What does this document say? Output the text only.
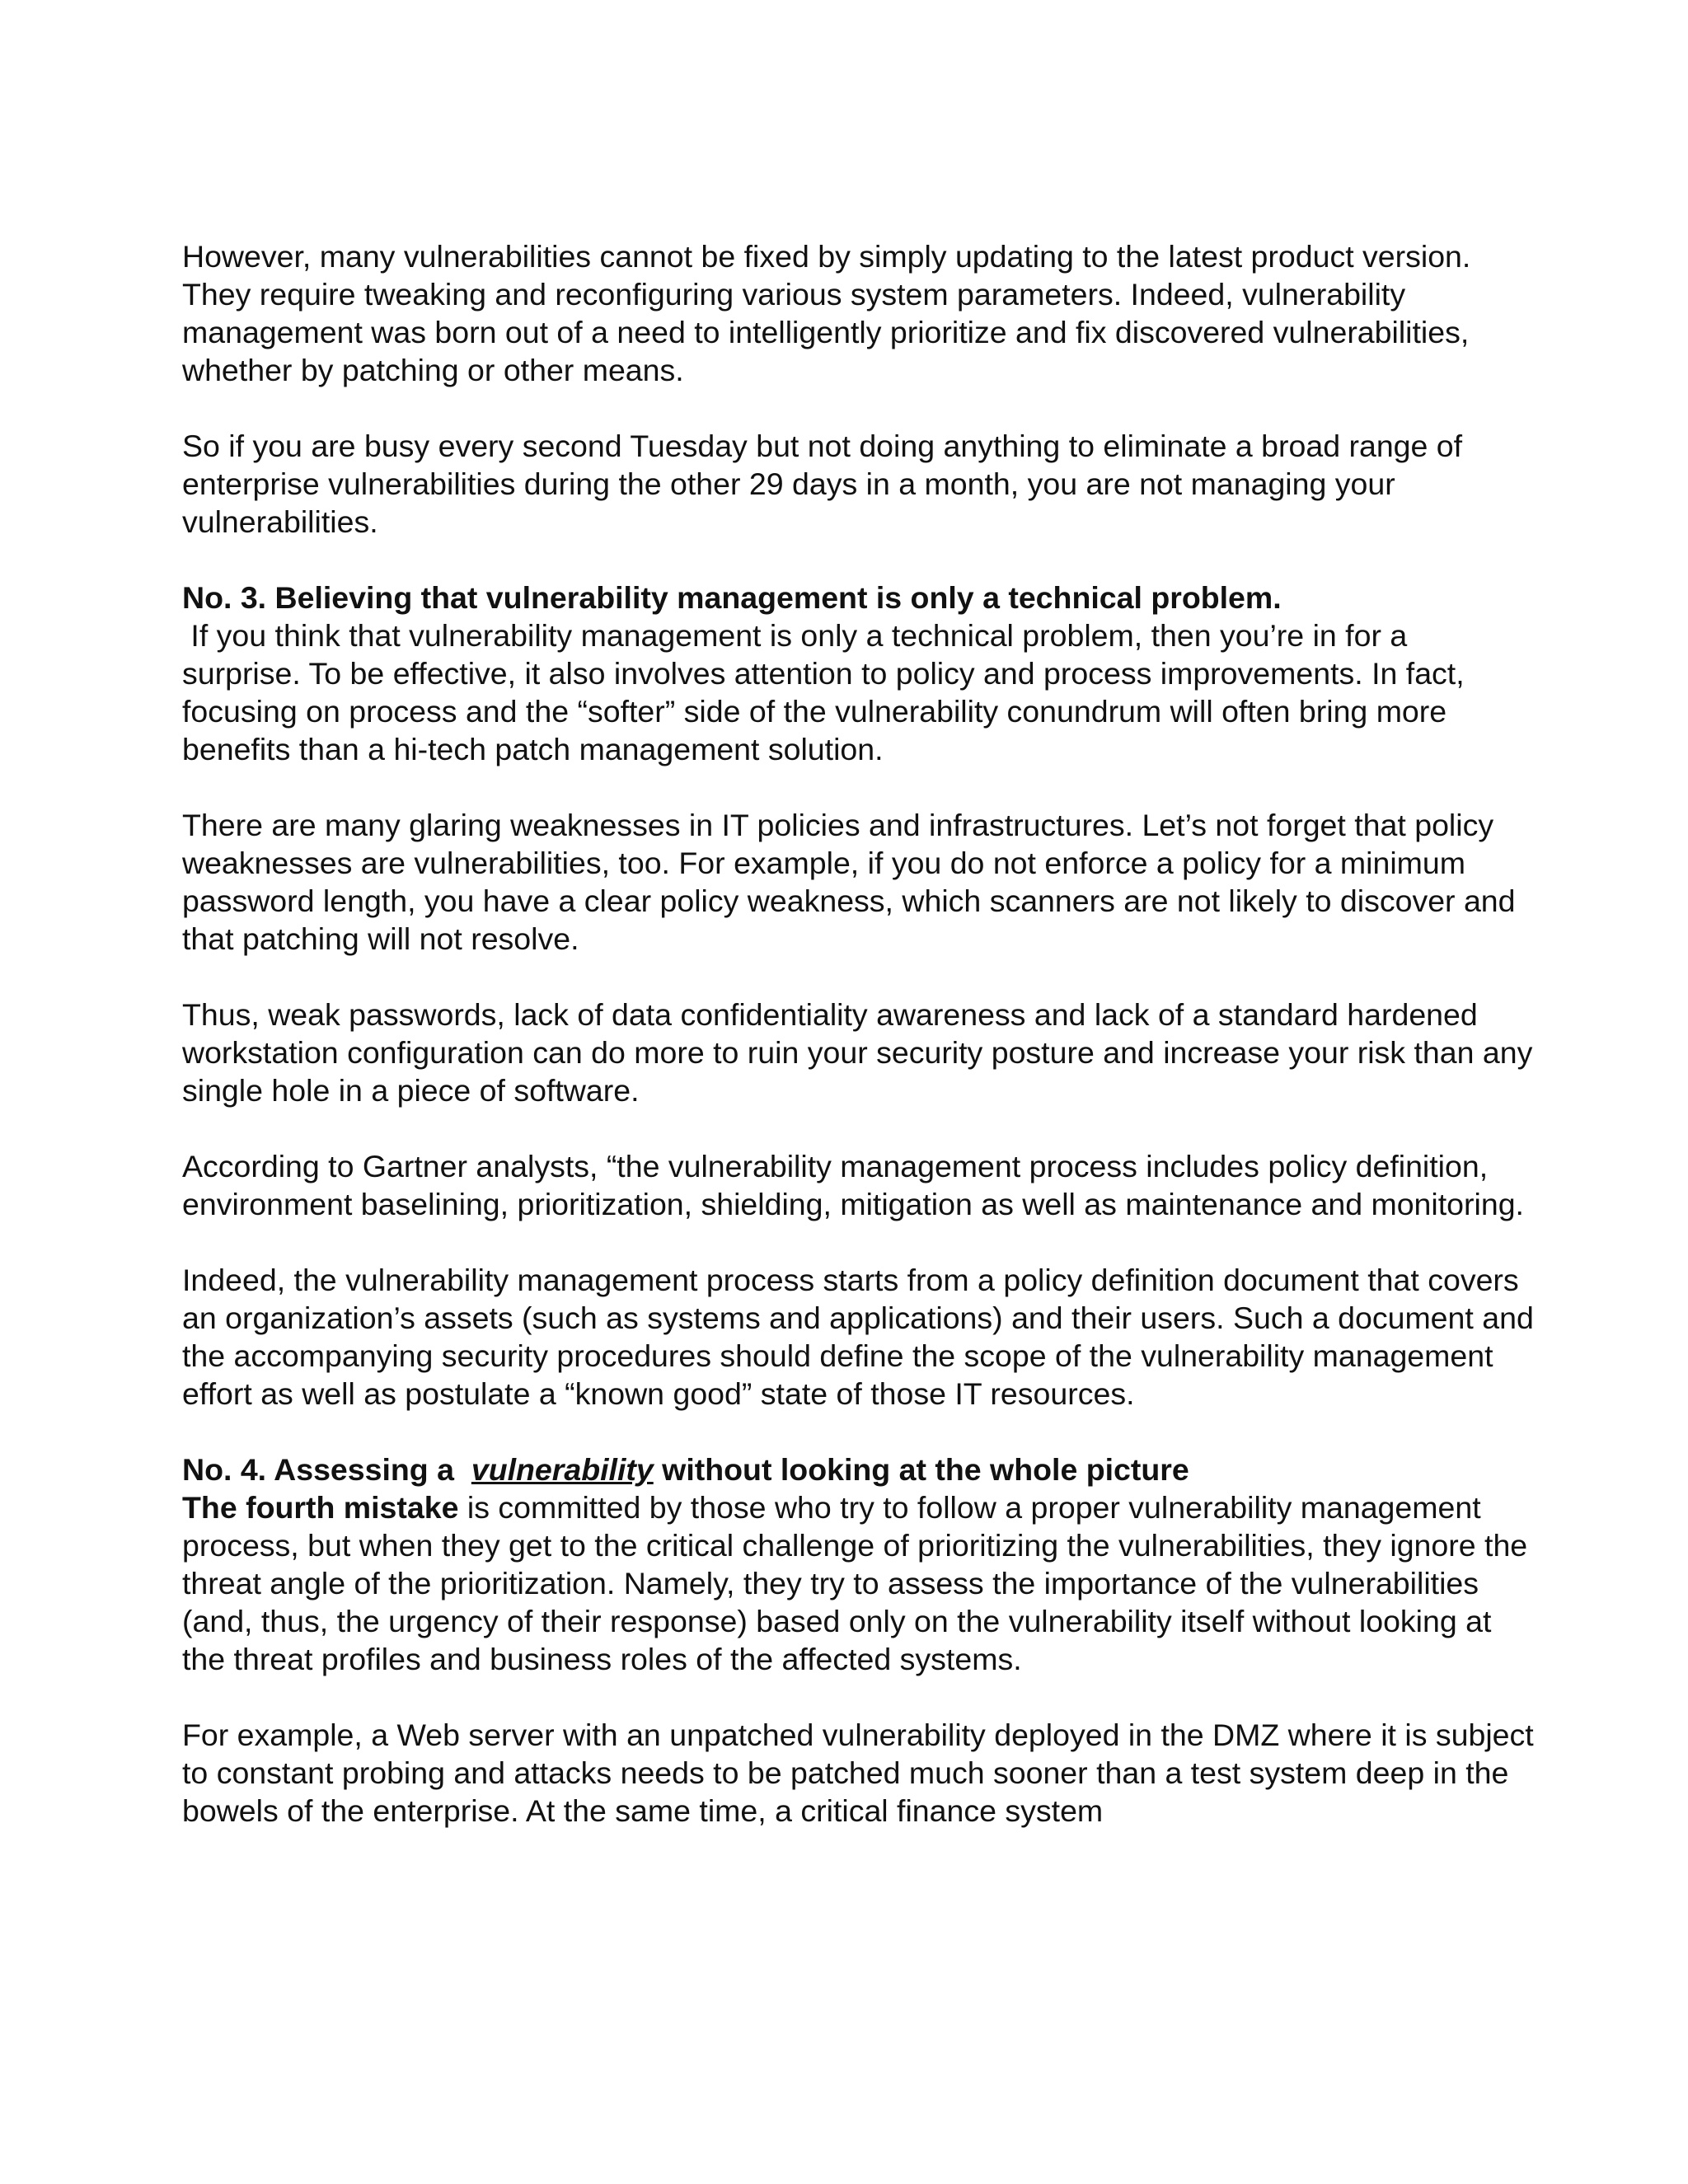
However, many vulnerabilities cannot be fixed by simply updating to the latest product version. They require tweaking and reconfiguring various system parameters. Indeed, vulnerability management was born out of a need to intelligently prioritize and fix discovered vulnerabilities, whether by patching or other means.

So if you are busy every second Tuesday but not doing anything to eliminate a broad range of enterprise vulnerabilities during the other 29 days in a month, you are not managing your vulnerabilities.

No. 3. Believing that vulnerability management is only a technical problem.
If you think that vulnerability management is only a technical problem, then you’re in for a surprise. To be effective, it also involves attention to policy and process improvements. In fact, focusing on process and the “softer” side of the vulnerability conundrum will often bring more benefits than a hi-tech patch management solution.

There are many glaring weaknesses in IT policies and infrastructures. Let’s not forget that policy weaknesses are vulnerabilities, too. For example, if you do not enforce a policy for a minimum password length, you have a clear policy weakness, which scanners are not likely to discover and that patching will not resolve.

Thus, weak passwords, lack of data confidentiality awareness and lack of a standard hardened workstation configuration can do more to ruin your security posture and increase your risk than any single hole in a piece of software.

According to Gartner analysts, “the vulnerability management process includes policy definition, environment baselining, prioritization, shielding, mitigation as well as maintenance and monitoring.

Indeed, the vulnerability management process starts from a policy definition document that covers an organization’s assets (such as systems and applications) and their users. Such a document and the accompanying security procedures should define the scope of the vulnerability management effort as well as postulate a “known good” state of those IT resources.

No. 4. Assessing a  vulnerability without looking at the whole picture
The fourth mistake is committed by those who try to follow a proper vulnerability management process, but when they get to the critical challenge of prioritizing the vulnerabilities, they ignore the threat angle of the prioritization. Namely, they try to assess the importance of the vulnerabilities (and, thus, the urgency of their response) based only on the vulnerability itself without looking at the threat profiles and business roles of the affected systems.

For example, a Web server with an unpatched vulnerability deployed in the DMZ where it is subject to constant probing and attacks needs to be patched much sooner than a test system deep in the bowels of the enterprise. At the same time, a critical finance system
